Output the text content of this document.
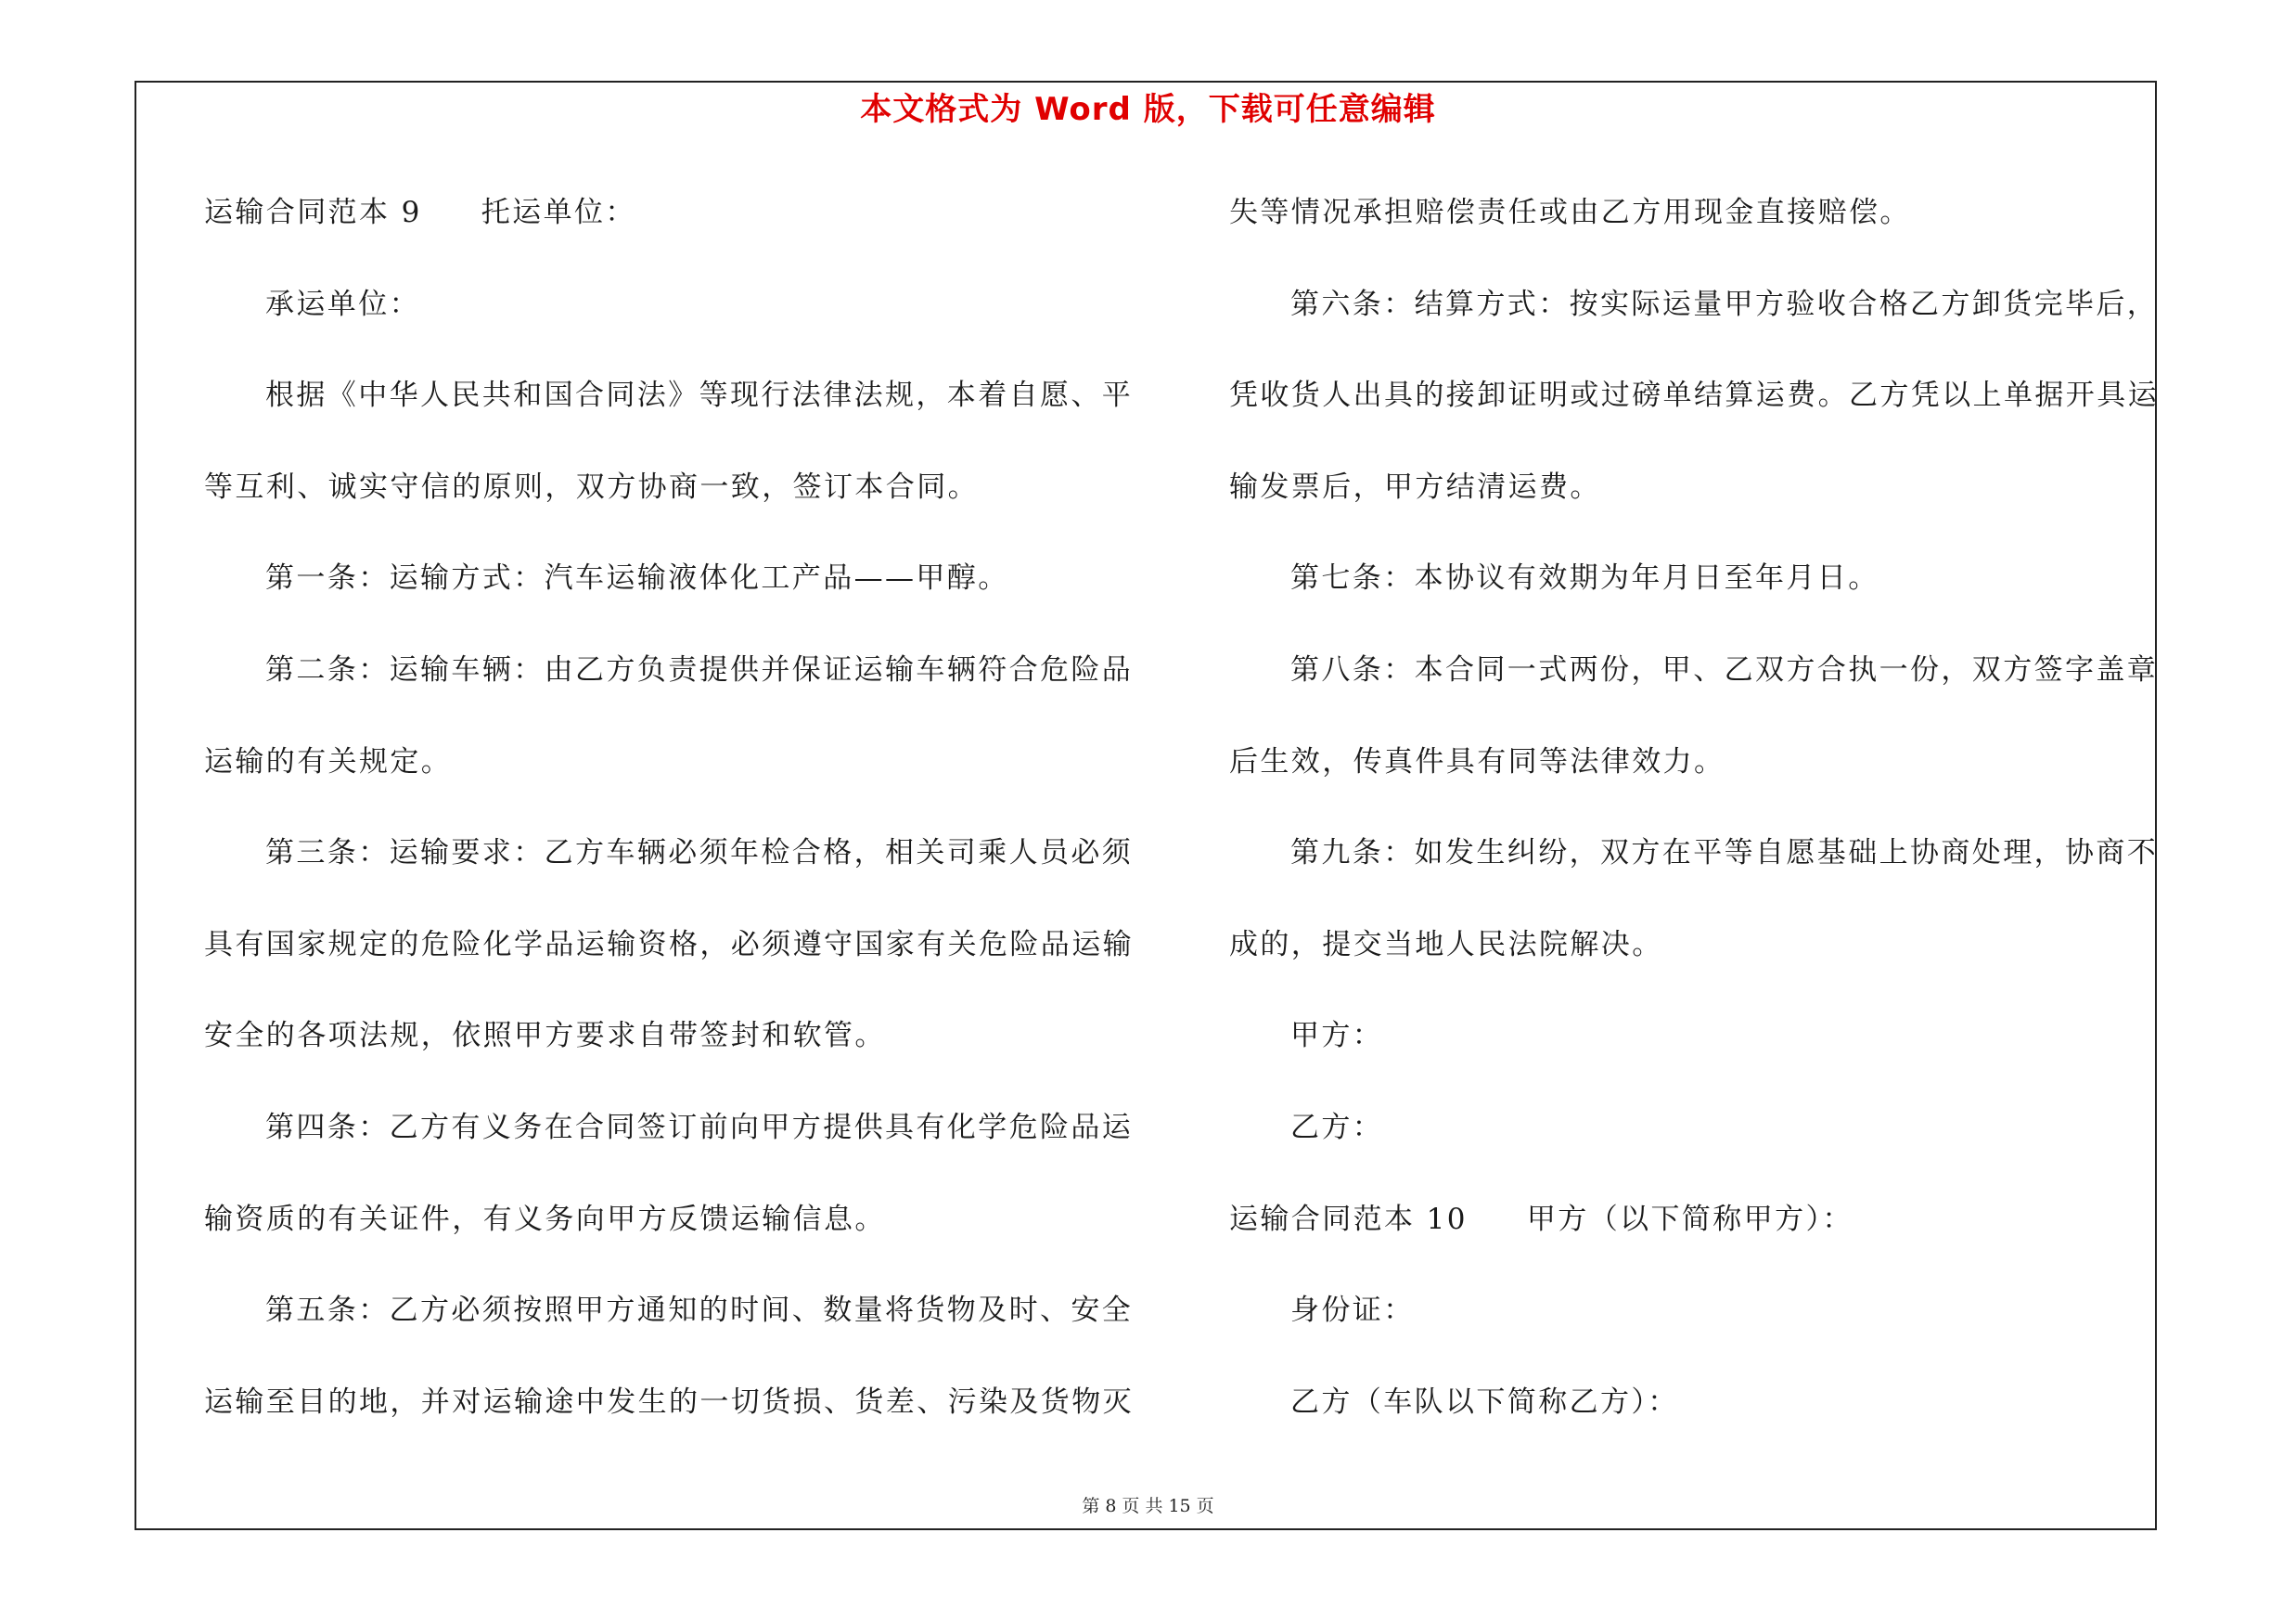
本文格式为 Word 版，下载可任意编辑
运输合同范本 9 托运单位：
承运单位：
根据《中华人民共和国合同法》等现行法律法规，本着自愿、平
等互利、诚实守信的原则，双方协商一致，签订本合同。
第一条：运输方式：汽车运输液体化工产品——甲醇。
第二条：运输车辆：由乙方负责提供并保证运输车辆符合危险品
运输的有关规定。
第三条：运输要求：乙方车辆必须年检合格，相关司乘人员必须
具有国家规定的危险化学品运输资格，必须遵守国家有关危险品运输
安全的各项法规，依照甲方要求自带签封和软管。
第四条：乙方有义务在合同签订前向甲方提供具有化学危险品运
输资质的有关证件，有义务向甲方反馈运输信息。
第五条：乙方必须按照甲方通知的时间、数量将货物及时、安全
运输至目的地，并对运输途中发生的一切货损、货差、污染及货物灭
失等情况承担赔偿责任或由乙方用现金直接赔偿。
第六条：结算方式：按实际运量甲方验收合格乙方卸货完毕后，
凭收货人出具的接卸证明或过磅单结算运费。乙方凭以上单据开具运
输发票后，甲方结清运费。
第七条：本协议有效期为年月日至年月日。
第八条：本合同一式两份，甲、乙双方合执一份，双方签字盖章
后生效，传真件具有同等法律效力。
第九条：如发生纠纷，双方在平等自愿基础上协商处理，协商不
成的，提交当地人民法院解决。
甲方：
乙方：
运输合同范本 10 甲方（以下简称甲方）：
身份证：
乙方（车队以下简称乙方）：
第 8 页 共 15 页
